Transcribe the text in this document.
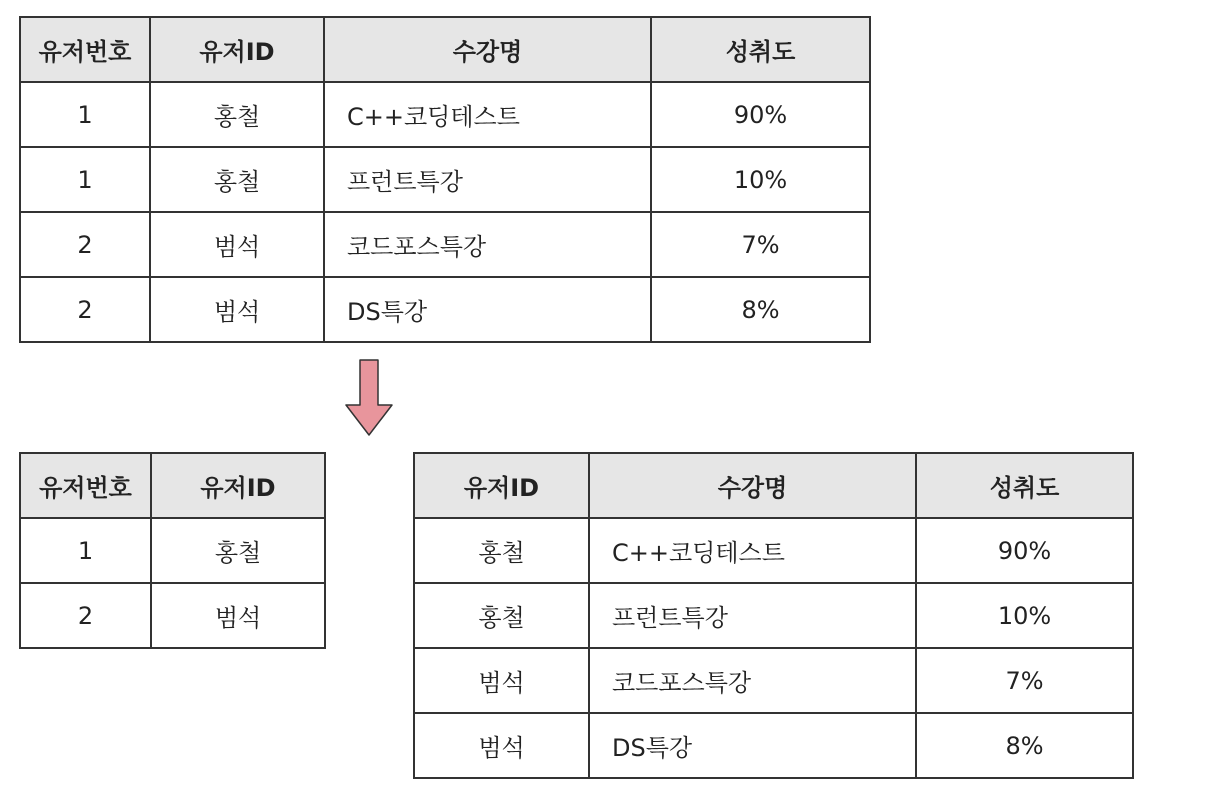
유저번호	유저ID	수강명	성취도
1	홍철	C++코딩테스트	90%
1	홍철	프런트특강	10%
2	범석	코드포스특강	7%
2	범석	DS특강	8%
유저번호	유저ID
1	홍철
2	범석
유저ID	수강명	성취도
홍철	C++코딩테스트	90%
홍철	프런트특강	10%
범석	코드포스특강	7%
범석	DS특강	8%
